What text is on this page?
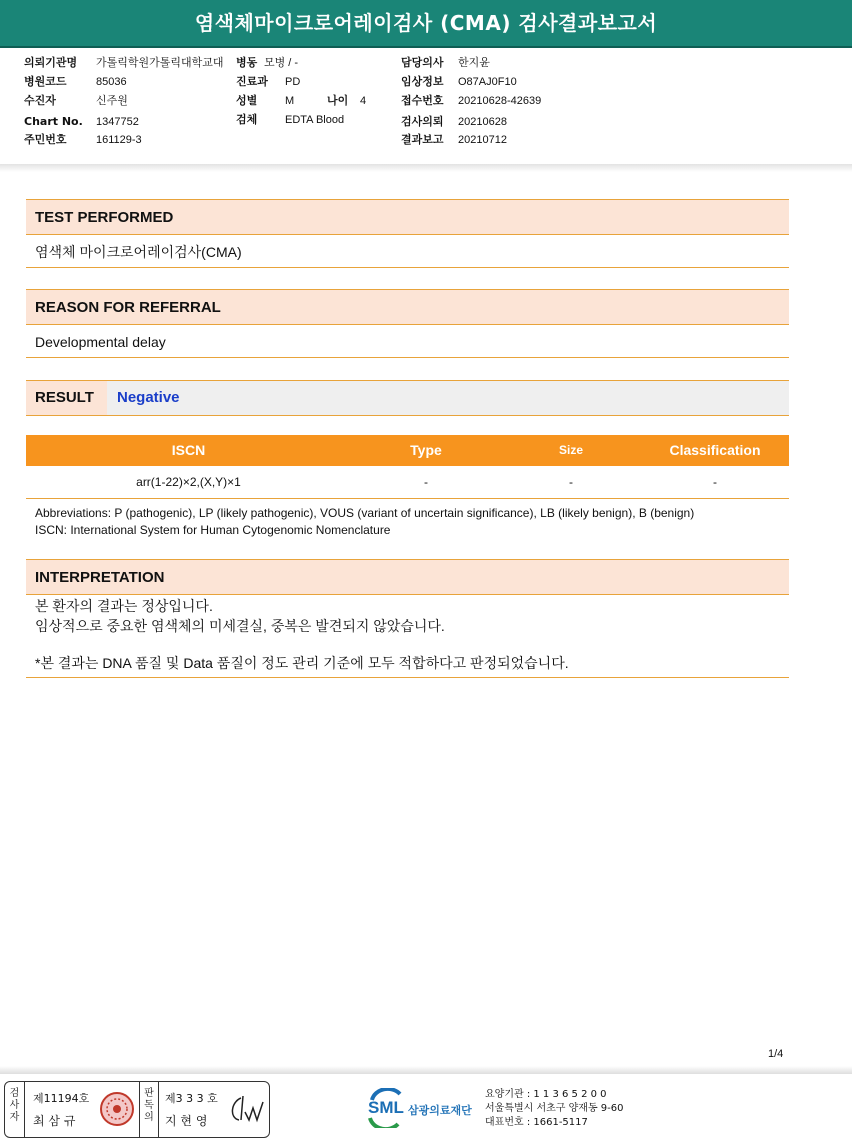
염색체마이크로어레이검사 (CMA) 검사결과보고서
의뢰기관명 가톨릭학원가톨릭대학교대 병동 모병 / -	담당의사 한지윤
병원코드	85036	진료과 PD	임상정보 O87AJ0F10
수진자	신주원	성별	M	나이 4	접수번호 20210628-42639
Chart No. 1347752	검체	EDTA Blood	검사의뢰 20210628
주민번호	161129-3	결과보고 20210712
TEST PERFORMED
염색체 마이크로어레이검사(CMA)
REASON FOR REFERRAL
Developmental delay
RESULT	Negative
ISCN	Type	Size	Classification
arr(1-22)×2,(X,Y)×1	-	-	-
Abbreviations: P (pathogenic), LP (likely pathogenic), VOUS (variant of uncertain significance), LB (likely benign), B (benign)
ISCN: International System for Human Cytogenomic Nomenclature
INTERPRETATION
본 환자의 결과는 정상입니다.
임상적으로 중요한 염색체의 미세결실, 중복은 발견되지 않았습니다.
*본 결과는 DNA 품질 및 Data 품질이 정도 관리 기준에 모두 적합하다고 판정되었습니다.
1/4
검사자
제11194호
최 삼 규
판독의
제3 3 3 호
지 현 영
SML 삼광의료재단
요양기관 : 1 1 3 6 5 2 0 0
서울특별시 서초구 양재동 9-60
대표번호 : 1661-5117
